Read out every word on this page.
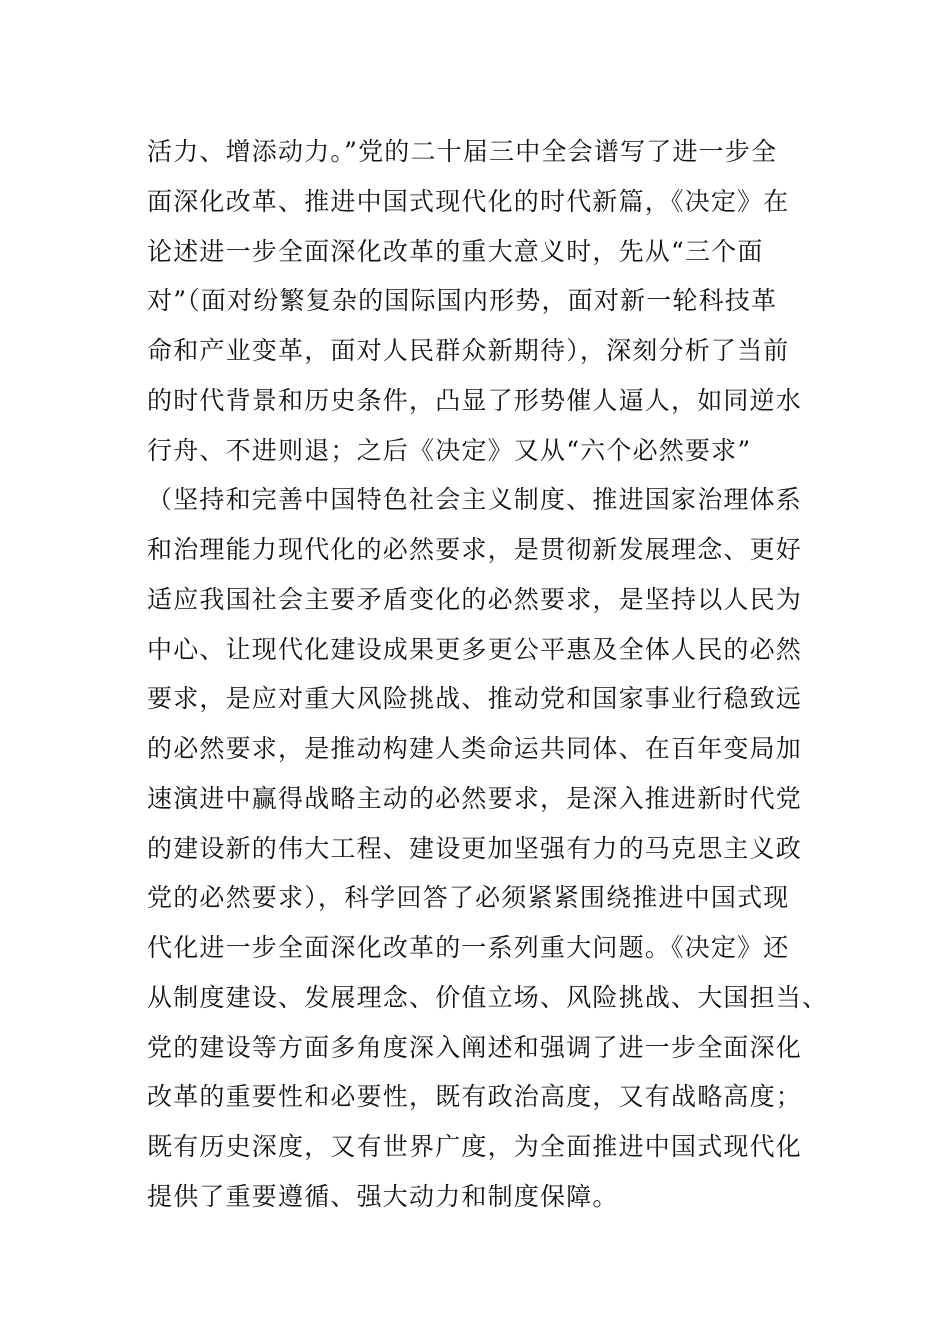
活力、增添动力。”党的二十届三中全会谱写了进一步全
面深化改革、推进中国式现代化的时代新篇，《决定》在
论述进一步全面深化改革的重大意义时，先从“三个面
对”（面对纷繁复杂的国际国内形势，面对新一轮科技革
命和产业变革，面对人民群众新期待），深刻分析了当前
的时代背景和历史条件，凸显了形势催人逼人，如同逆水
行舟、不进则退；之后《决定》又从“六个必然要求”
（坚持和完善中国特色社会主义制度、推进国家治理体系
和治理能力现代化的必然要求，是贯彻新发展理念、更好
适应我国社会主要矛盾变化的必然要求，是坚持以人民为
中心、让现代化建设成果更多更公平惠及全体人民的必然
要求，是应对重大风险挑战、推动党和国家事业行稳致远
的必然要求，是推动构建人类命运共同体、在百年变局加
速演进中赢得战略主动的必然要求，是深入推进新时代党
的建设新的伟大工程、建设更加坚强有力的马克思主义政
党的必然要求），科学回答了必须紧紧围绕推进中国式现
代化进一步全面深化改革的一系列重大问题。《决定》还
从制度建设、发展理念、价值立场、风险挑战、大国担当、
党的建设等方面多角度深入阐述和强调了进一步全面深化
改革的重要性和必要性，既有政治高度，又有战略高度；
既有历史深度，又有世界广度，为全面推进中国式现代化
提供了重要遵循、强大动力和制度保障。
